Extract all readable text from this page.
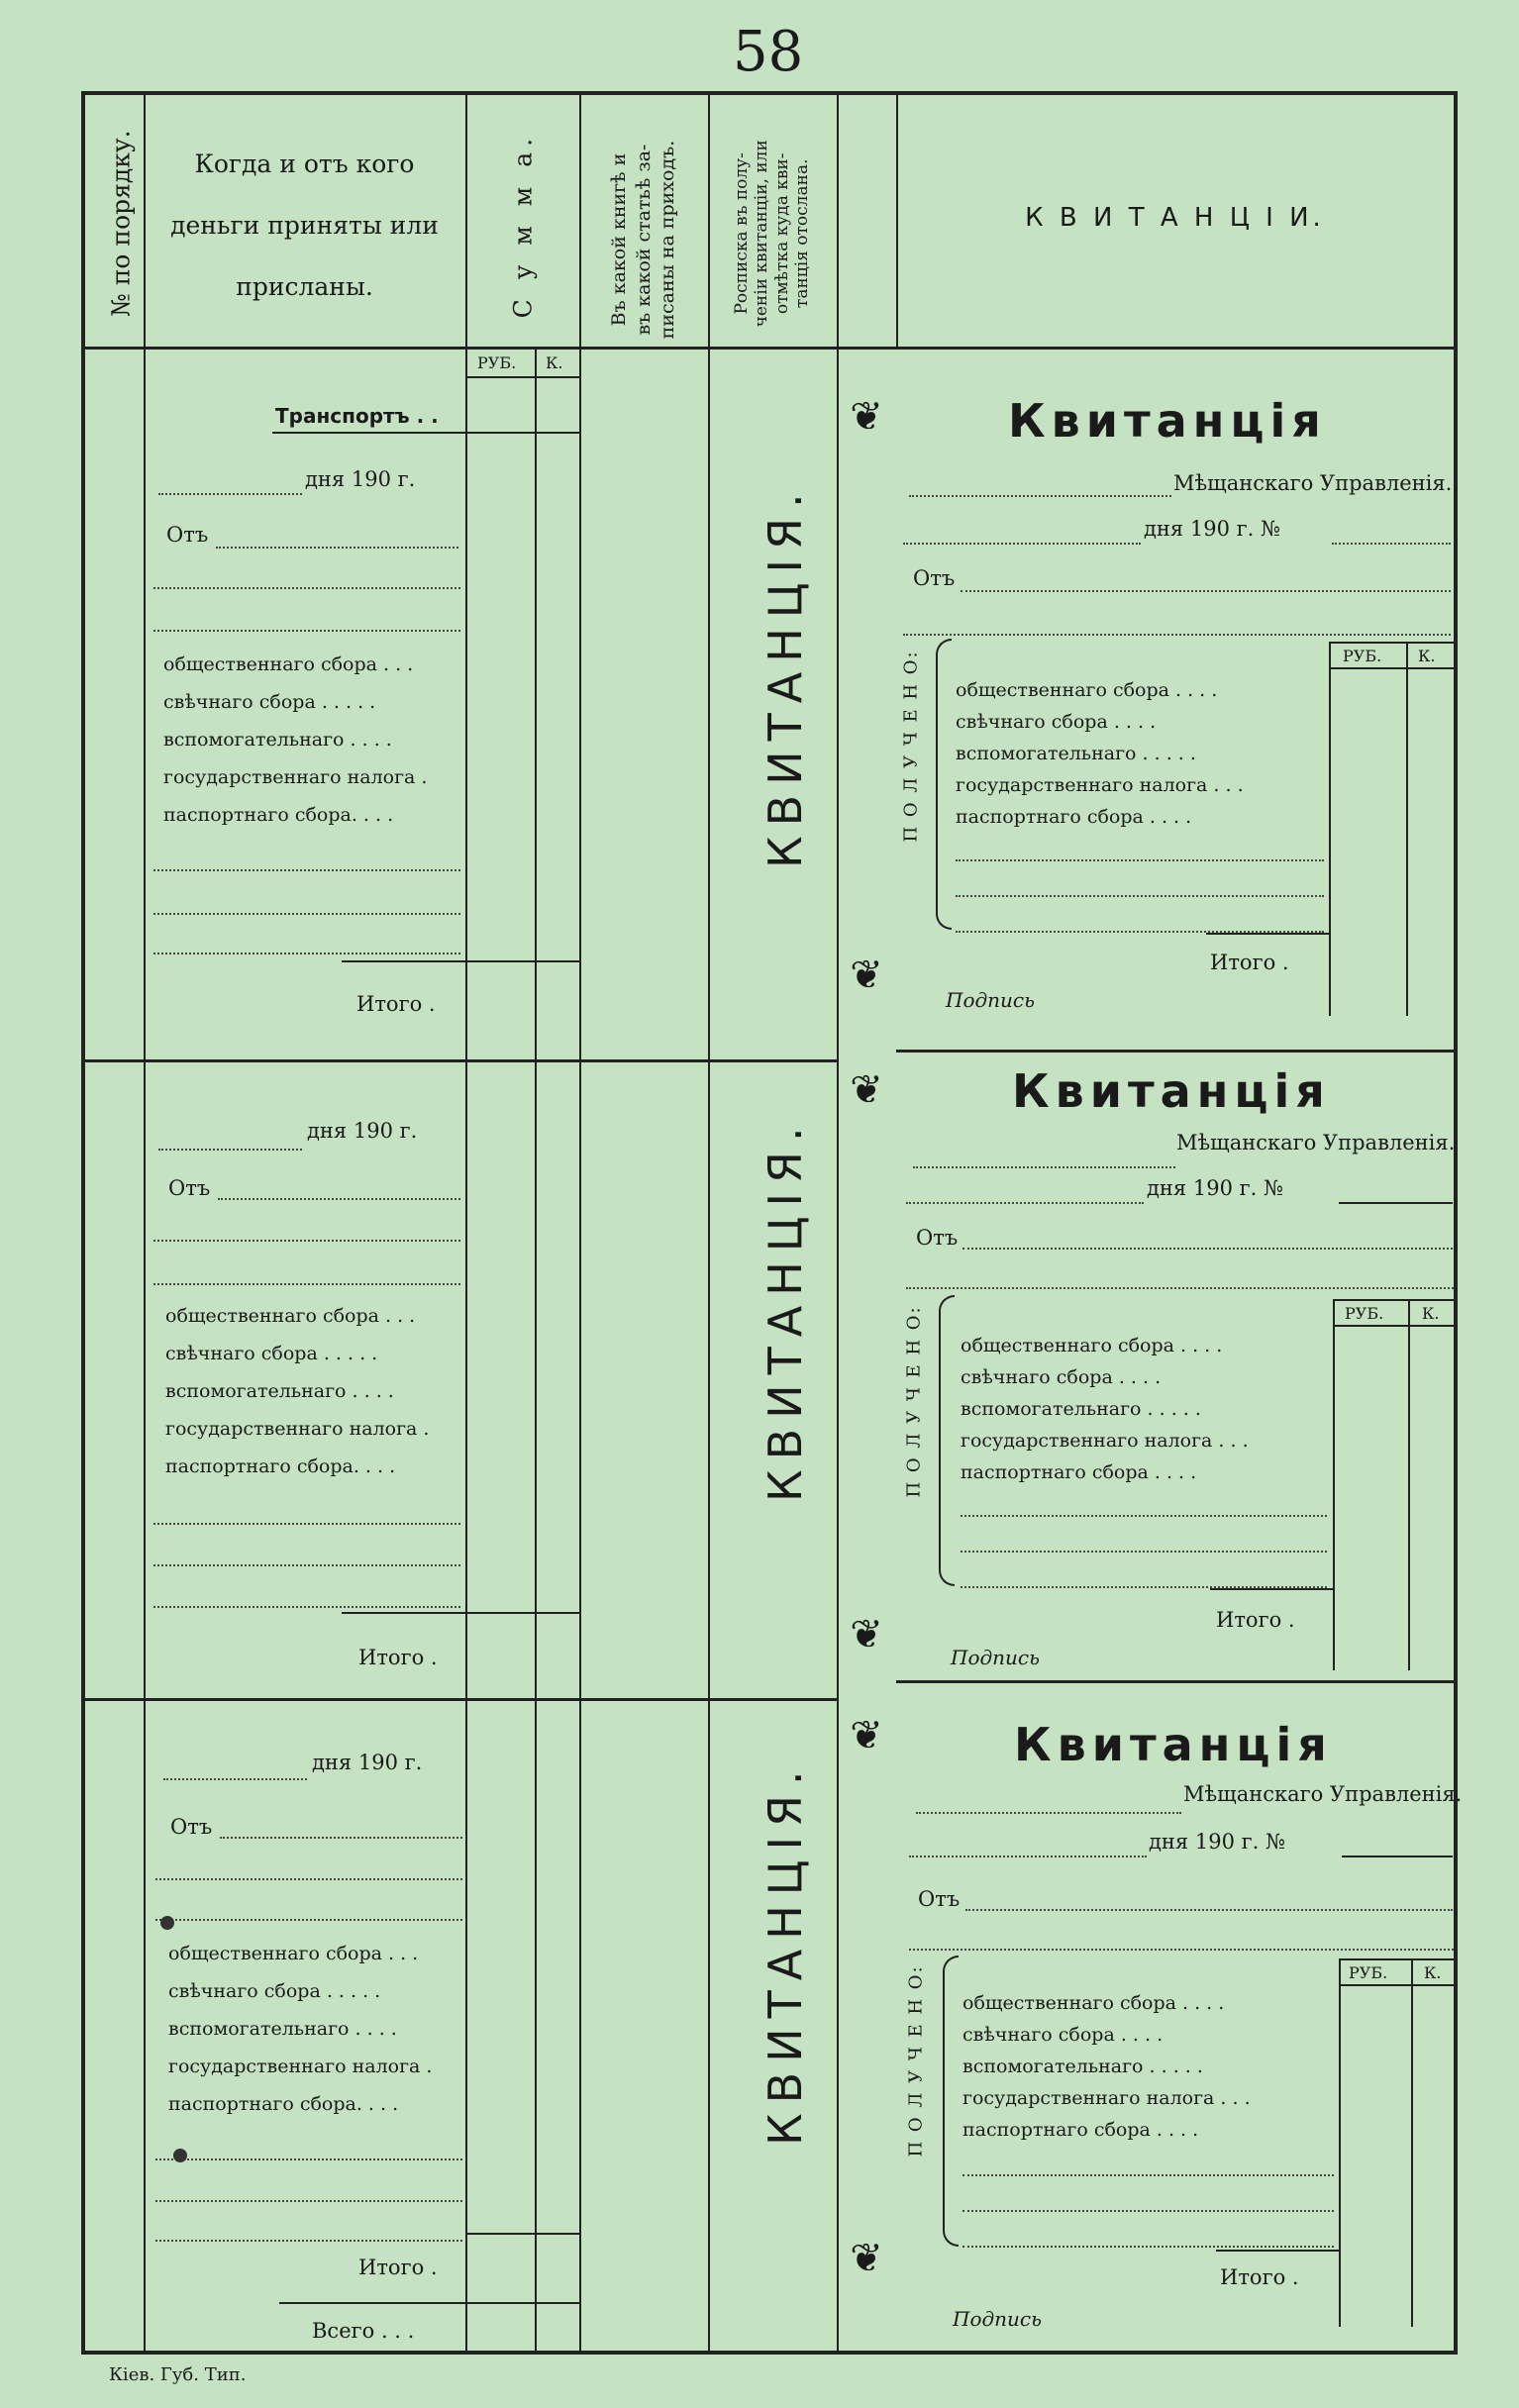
58
№ по порядку.	Когда и отъ кого
деньги приняты или
присланы.	С у м м а.	Въ какой книгѣ и въ какой статьѣ за- писаны на приходъ.	Росписка въ полу- ченіи квитанціи, или отмѣтка куда кви- танція отослана.	К В И Т А Н Ц І И.
РУБ. К.
Транспортъ . .
дня 190 г.
Отъ
общественнаго сбора . . .
свѣчнаго сбора . . . . .
вспомогательнаго . . . .
государственнаго налога .
паспортнаго сбора. . . .
Итого .
дня 190 г.
Отъ
общественнаго сбора . . .
свѣчнаго сбора . . . . .
вспомогательнаго . . . .
государственнаго налога .
паспортнаго сбора. . . .
Итого .
дня 190 г.
Отъ
общественнаго сбора . . .
свѣчнаго сбора . . . . .
вспомогательнаго . . . .
государственнаго налога .
паспортнаго сбора. . . .
Итого .
Всего . . .
КВИТАНЦІЯ.
КВИТАНЦІЯ.
КВИТАНЦІЯ.
❦
❦
❦
❦
❦
❦
Квитанція
Мѣщанскаго Управленія.
дня 190 г. №
Отъ
П О Л У Ч Е Н О:	РУБ. К.
общественнаго сбора . . . .
свѣчнаго сбора . . . .
вспомогательнаго . . . . .
государственнаго налога . . .
паспортнаго сбора . . . .
Итого .
Подпись
Квитанція
Мѣщанскаго Управленія.
дня 190 г. №
Отъ
П О Л У Ч Е Н О:	РУБ. К.
общественнаго сбора . . . .
свѣчнаго сбора . . . .
вспомогательнаго . . . . .
государственнаго налога . . .
паспортнаго сбора . . . .
Итого .
Подпись
Квитанція
Мѣщанскаго Управленія.
дня 190 г. №
Отъ
П О Л У Ч Е Н О:	РУБ. К.
общественнаго сбора . . . .
свѣчнаго сбора . . . .
вспомогательнаго . . . . .
государственнаго налога . . .
паспортнаго сбора . . . .
Итого .
Подпись
Кіев. Губ. Тип.
